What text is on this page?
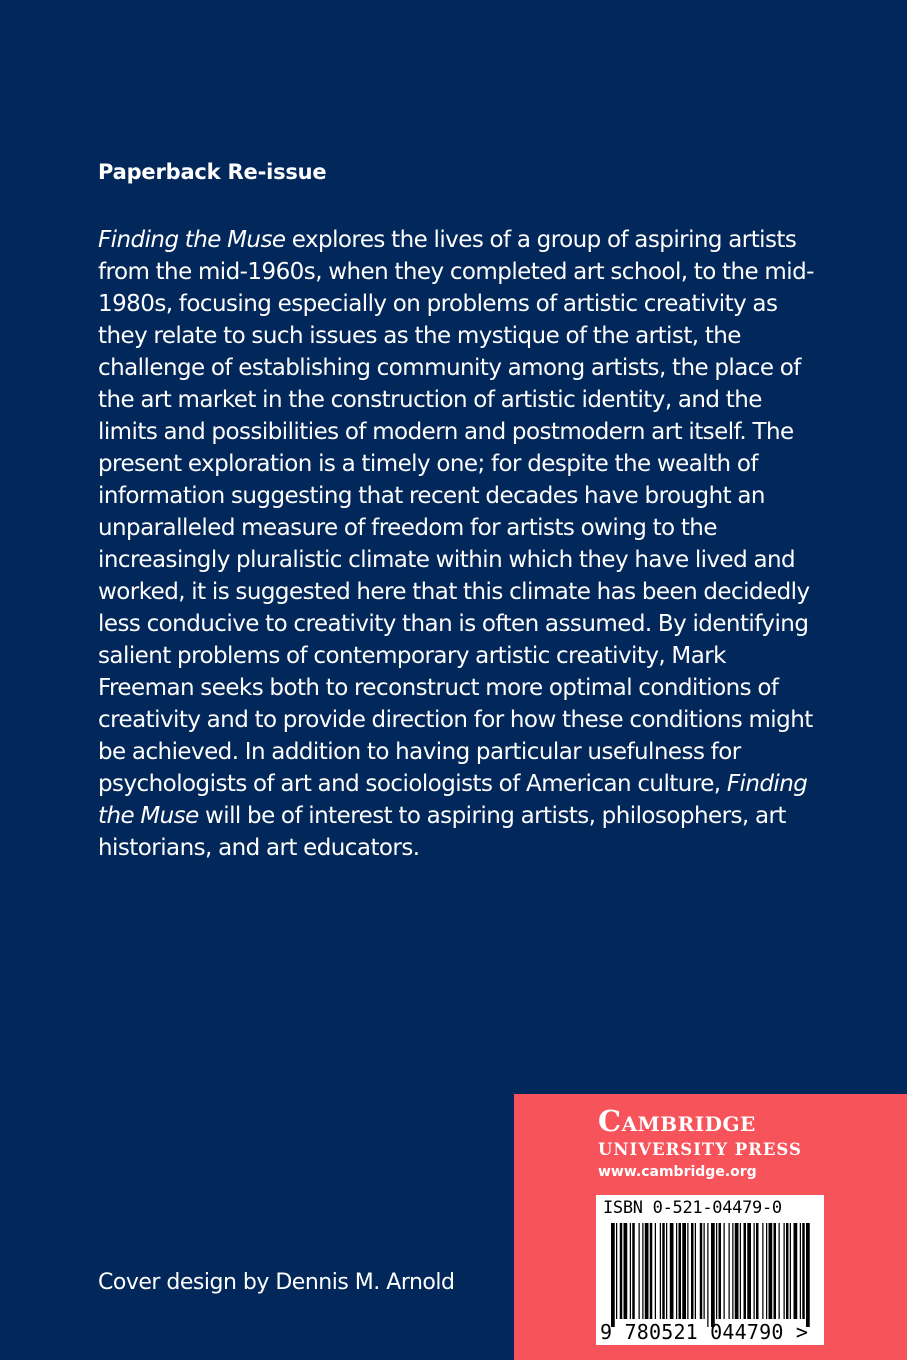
Paperback Re-issue

Finding the Muse explores the lives of a group of aspiring artists from the mid-1960s, when they completed art school, to the mid-1980s, focusing especially on problems of artistic creativity as they relate to such issues as the mystique of the artist, the challenge of establishing community among artists, the place of the art market in the construction of artistic identity, and the limits and possibilities of modern and postmodern art itself. The present exploration is a timely one; for despite the wealth of information suggesting that recent decades have brought an unparalleled measure of freedom for artists owing to the increasingly pluralistic climate within which they have lived and worked, it is suggested here that this climate has been decidedly less conducive to creativity than is often assumed. By identifying salient problems of contemporary artistic creativity, Mark Freeman seeks both to reconstruct more optimal conditions of creativity and to provide direction for how these conditions might be achieved. In addition to having particular usefulness for psychologists of art and sociologists of American culture, Finding the Muse will be of interest to aspiring artists, philosophers, art historians, and art educators.

Cover design by Dennis M. Arnold
Cambridge
UNIVERSITY PRESS
www.cambridge.org
ISBN 0-521-04479-0
9 780521 044790 >
